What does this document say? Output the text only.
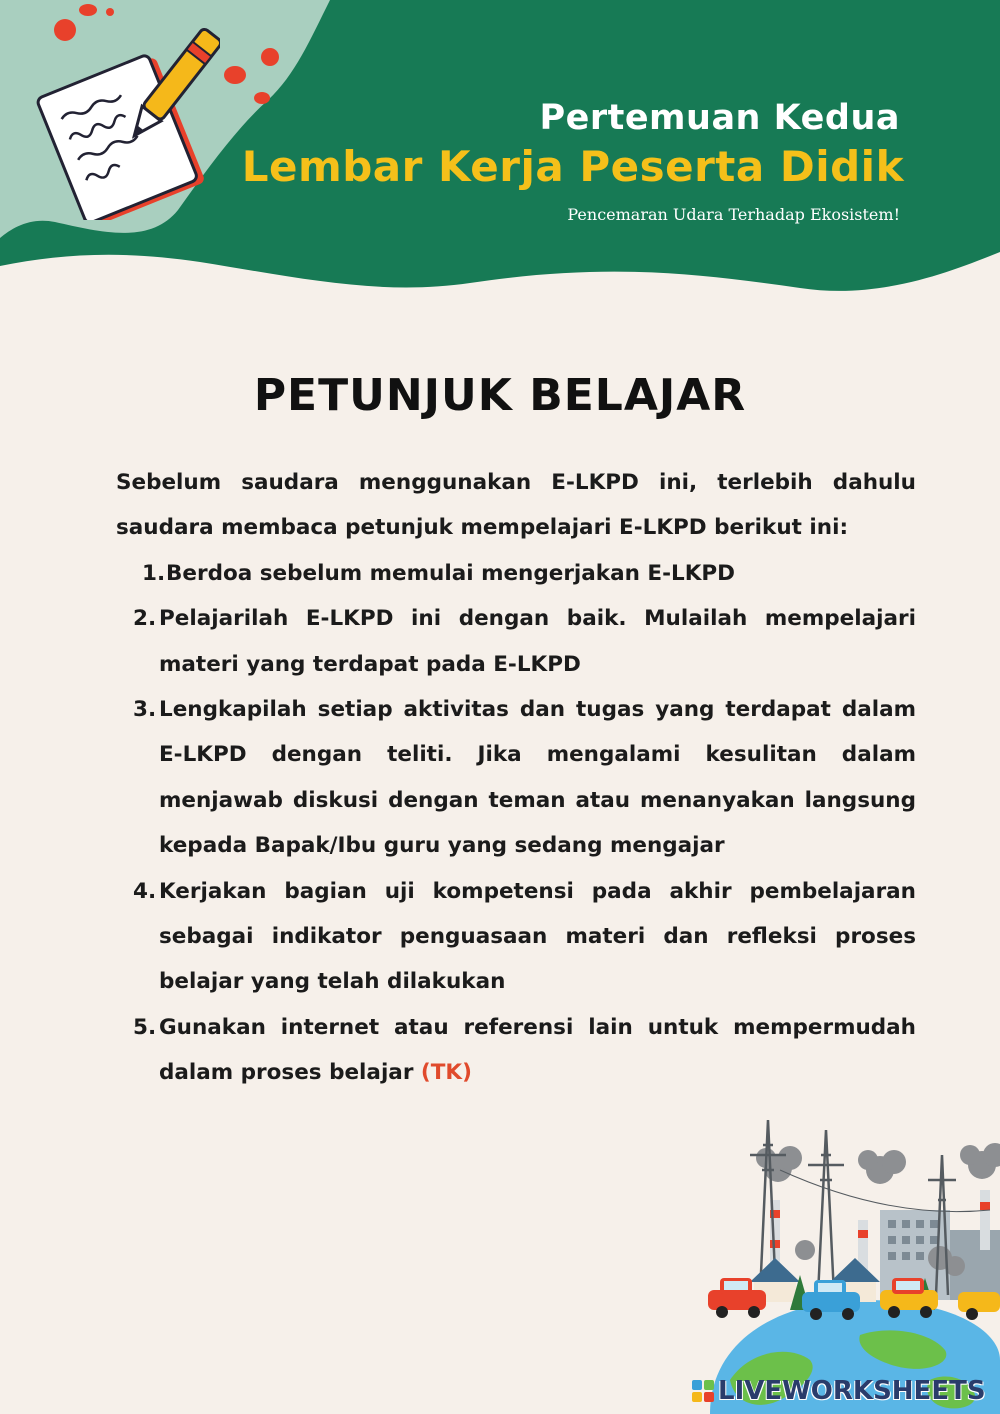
Pertemuan Kedua
Lembar Kerja Peserta Didik
Pencemaran Udara Terhadap Ekosistem!
PETUNJUK BELAJAR

Sebelum saudara menggunakan E-LKPD ini, terlebih dahulu saudara membaca petunjuk mempelajari E-LKPD berikut ini:

1. Berdoa sebelum memulai mengerjakan E-LKPD
2. Pelajarilah E-LKPD ini dengan baik. Mulailah mempelajari materi yang terdapat pada E-LKPD
3. Lengkapilah setiap aktivitas dan tugas yang terdapat dalam E-LKPD dengan teliti. Jika mengalami kesulitan dalam menjawab diskusi dengan teman atau menanyakan langsung kepada Bapak/Ibu guru yang sedang mengajar
4. Kerjakan bagian uji kompetensi pada akhir pembelajaran sebagai indikator penguasaan materi dan refleksi proses belajar yang telah dilakukan
5. Gunakan internet atau referensi lain untuk mempermudah dalam proses belajar (TK)
LIVEWORKSHEETS
